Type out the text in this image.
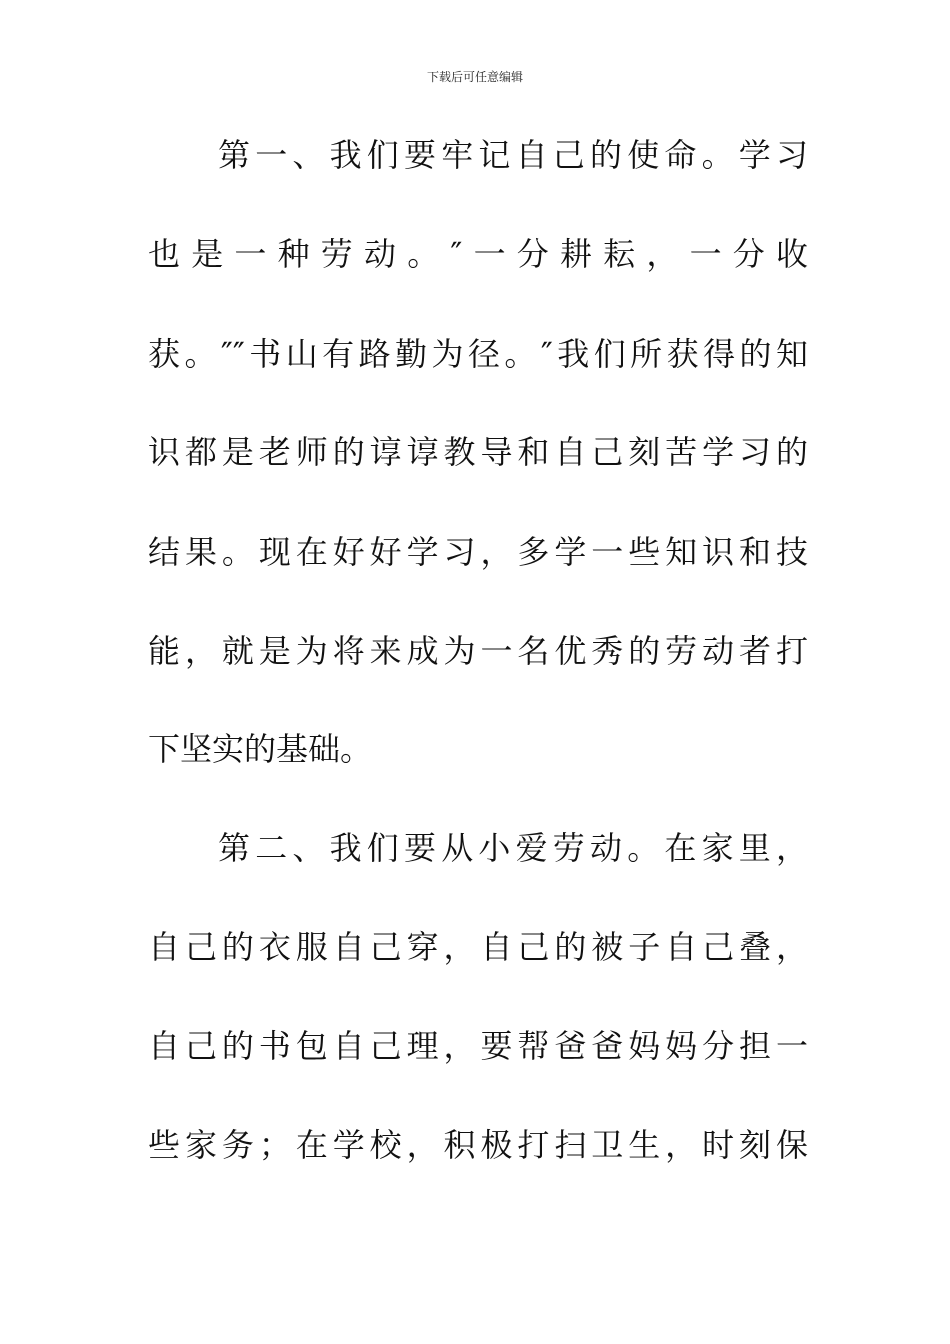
下载后可任意编辑
第一、我们要牢记自己的使命。学习
也是一种劳动。″一分耕耘，一分收
获。″″书山有路勤为径。″我们所获得的知
识都是老师的谆谆教导和自己刻苦学习的
结果。现在好好学习，多学一些知识和技
能，就是为将来成为一名优秀的劳动者打
下坚实的基础。
第二、我们要从小爱劳动。在家里，
自己的衣服自己穿，自己的被子自己叠，
自己的书包自己理，要帮爸爸妈妈分担一
些家务；在学校，积极打扫卫生，时刻保
